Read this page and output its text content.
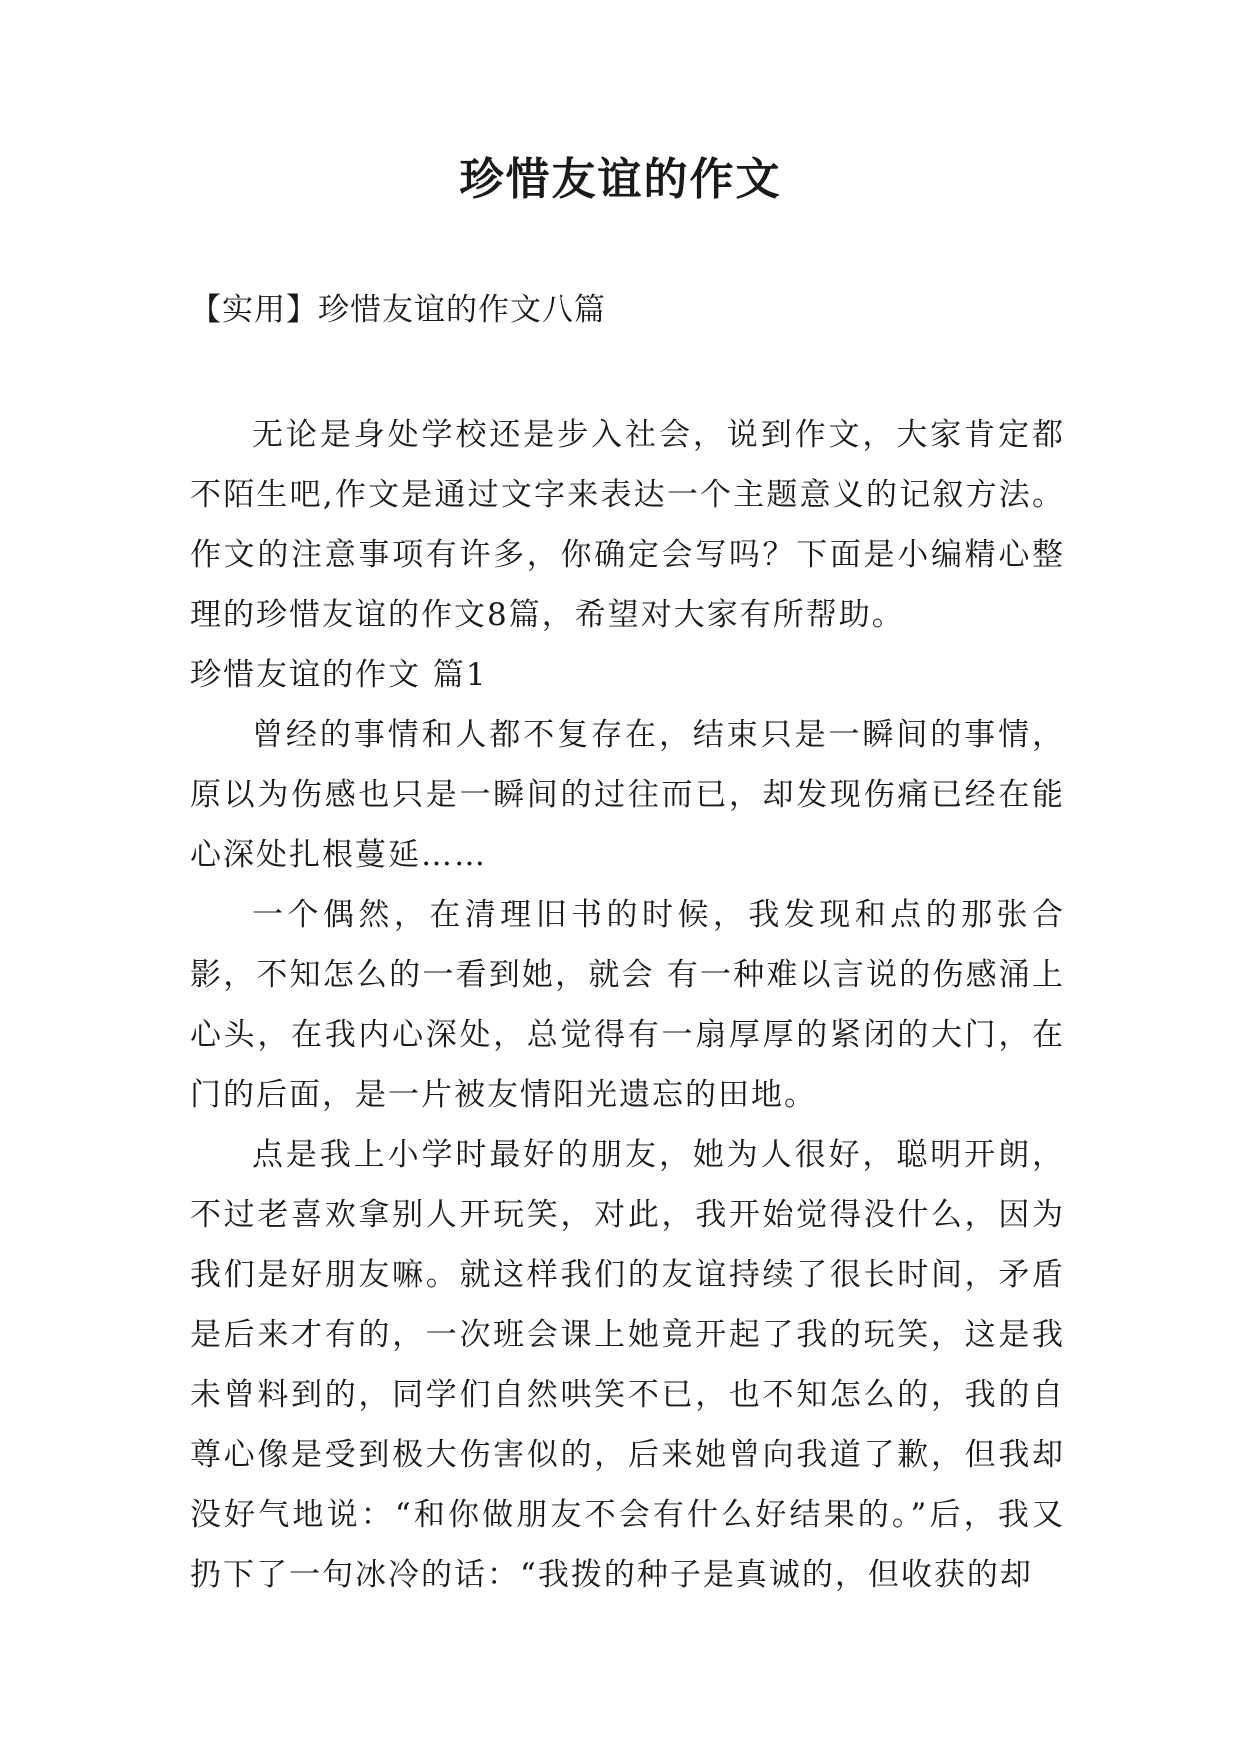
珍惜友谊的作文
【实用】珍惜友谊的作文八篇

无论是身处学校还是步入社会，说到作文，大家肯定都不陌生吧,作文是通过文字来表达一个主题意义的记叙方法。作文的注意事项有许多，你确定会写吗？下面是小编精心整理的珍惜友谊的作文8篇，希望对大家有所帮助。

珍惜友谊的作文 篇1

曾经的事情和人都不复存在，结束只是一瞬间的事情，原以为伤感也只是一瞬间的过往而已，却发现伤痛已经在能心深处扎根蔓延……

一个偶然，在清理旧书的时候，我发现和点的那张合影，不知怎么的一看到她，就会 有一种难以言说的伤感涌上心头，在我内心深处，总觉得有一扇厚厚的紧闭的大门，在门的后面，是一片被友情阳光遗忘的田地。

点是我上小学时最好的朋友，她为人很好，聪明开朗，不过老喜欢拿别人开玩笑，对此，我开始觉得没什么，因为我们是好朋友嘛。就这样我们的友谊持续了很长时间，矛盾是后来才有的，一次班会课上她竟开起了我的玩笑，这是我未曾料到的，同学们自然哄笑不已，也不知怎么的，我的自尊心像是受到极大伤害似的，后来她曾向我道了歉，但我却没好气地说：“和你做朋友不会有什么好结果的。”后，我又扔下了一句冰冷的话：“我拨的种子是真诚的，但收获的却
